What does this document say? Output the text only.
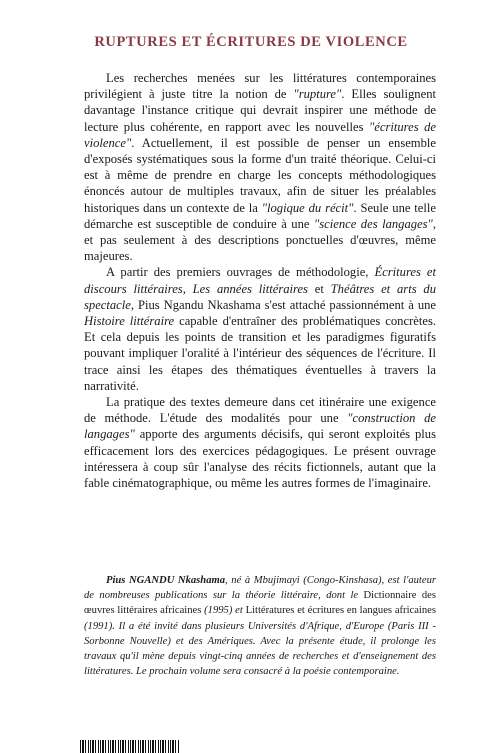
RUPTURES ET ÉCRITURES DE VIOLENCE

Les recherches menées sur les littératures contemporaines privilégient à juste titre la notion de "rupture". Elles soulignent davantage l'instance critique qui devrait inspirer une méthode de lecture plus cohérente, en rapport avec les nouvelles "écritures de violence". Actuellement, il est possible de penser un ensemble d'exposés systématiques sous la forme d'un traité théorique. Celui-ci est à même de prendre en charge les concepts méthodologiques énoncés autour de multiples travaux, afin de situer les préalables historiques dans un contexte de la "logique du récit". Seule une telle démarche est susceptible de conduire à une "science des langages", et pas seulement à des descriptions ponctuelles d'œuvres, même majeures.

A partir des premiers ouvrages de méthodologie, Écritures et discours littéraires, Les années littéraires et Théâtres et arts du spectacle, Pius Ngandu Nkashama s'est attaché passionnément à une Histoire littéraire capable d'entraîner des problématiques concrètes. Et cela depuis les points de transition et les paradigmes figuratifs pouvant impliquer l'oralité à l'intérieur des séquences de l'écriture. Il trace ainsi les étapes des thématiques éventuelles à travers la narrativité.

La pratique des textes demeure dans cet itinéraire une exigence de méthode. L'étude des modalités pour une "construction de langages" apporte des arguments décisifs, qui seront exploités plus efficacement lors des exercices pédagogiques. Le présent ouvrage intéressera à coup sûr l'analyse des récits fictionnels, autant que la fable cinématographique, ou même les autres formes de l'imaginaire.

Pius NGANDU Nkashama, né à Mbujimayi (Congo-Kinshasa), est l'auteur de nombreuses publications sur la théorie littéraire, dont le Dictionnaire des œuvres littéraires africaines (1995) et Littératures et écritures en langues africaines (1991). Il a été invité dans plusieurs Universités d'Afrique, d'Europe (Paris III - Sorbonne Nouvelle) et des Amériques. Avec la présente étude, il prolonge les travaux qu'il mène depuis vingt-cinq années de recherches et d'enseignement des littératures. Le prochain volume sera consacré à la poésie contemporaine.
